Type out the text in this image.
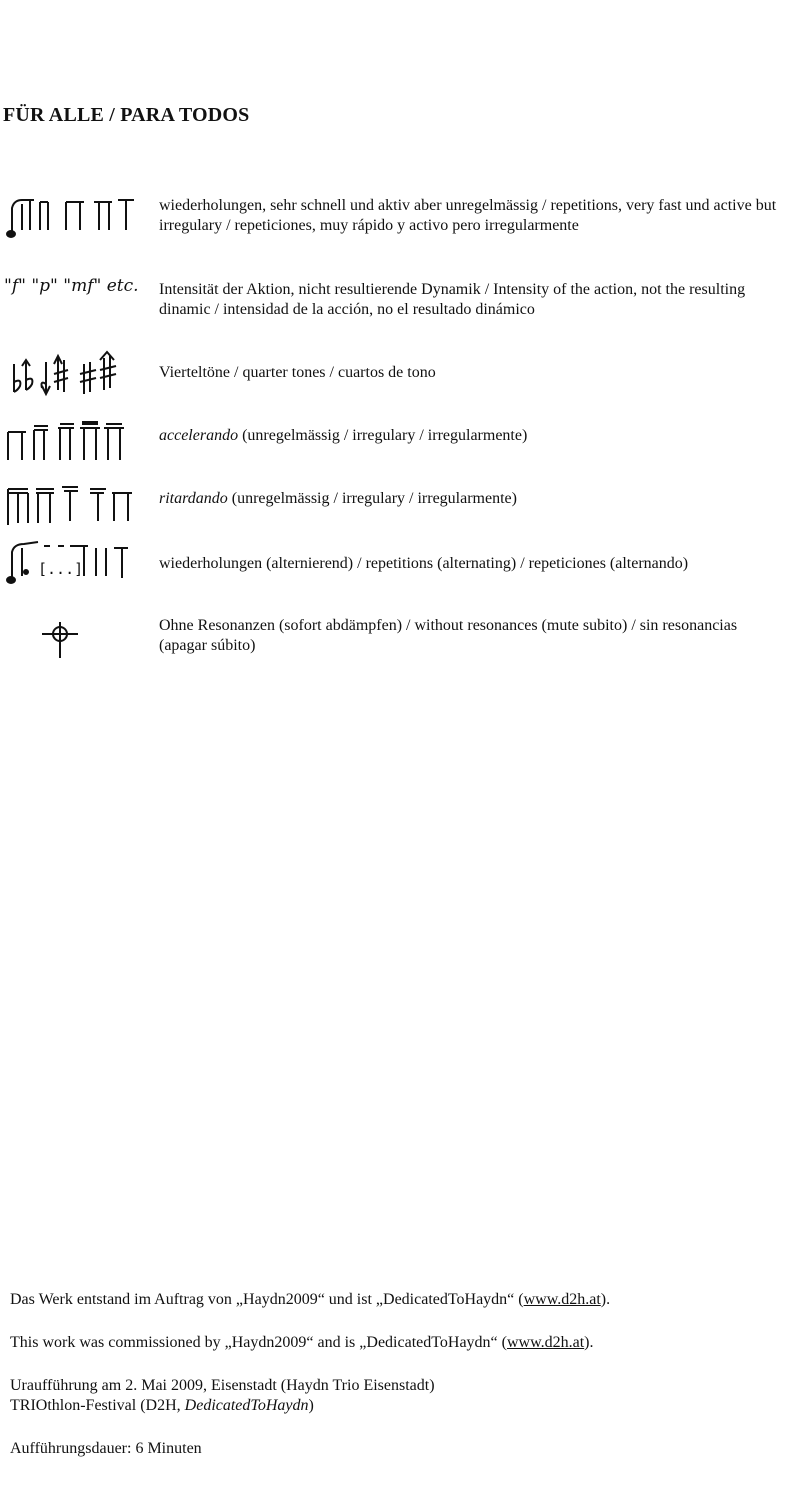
FÜR ALLE / PARA TODOS
wiederholungen, sehr schnell und aktiv aber unregelmässig / repetitions, very fast und active but irregulary / repeticiones, muy rápido y activo pero irregularmente
"f" "p" "mf" etc.	Intensität der Aktion, nicht resultierende Dynamik / Intensity of the action, not the resulting dinamic / intensidad de la acción, no el resultado dinámico
Vierteltöne / quarter tones / cuartos de tono
accelerando (unregelmässig / irregulary / irregularmente)
ritardando (unregelmässig / irregulary / irregularmente)
[...]	wiederholungen (alternierend) / repetitions (alternating) / repeticiones (alternando)
Ohne Resonanzen (sofort abdämpfen) / without resonances (mute subito) / sin resonancias (apagar súbito)

Das Werk entstand im Auftrag von „Haydn2009“ und ist „DedicatedToHaydn“ (www.d2h.at).

This work was commissioned by „Haydn2009“ and is „DedicatedToHaydn“ (www.d2h.at).

Uraufführung am 2. Mai 2009, Eisenstadt (Haydn Trio Eisenstadt)

TRIOthlon-Festival (D2H, DedicatedToHaydn)

Aufführungsdauer: 6 Minuten
